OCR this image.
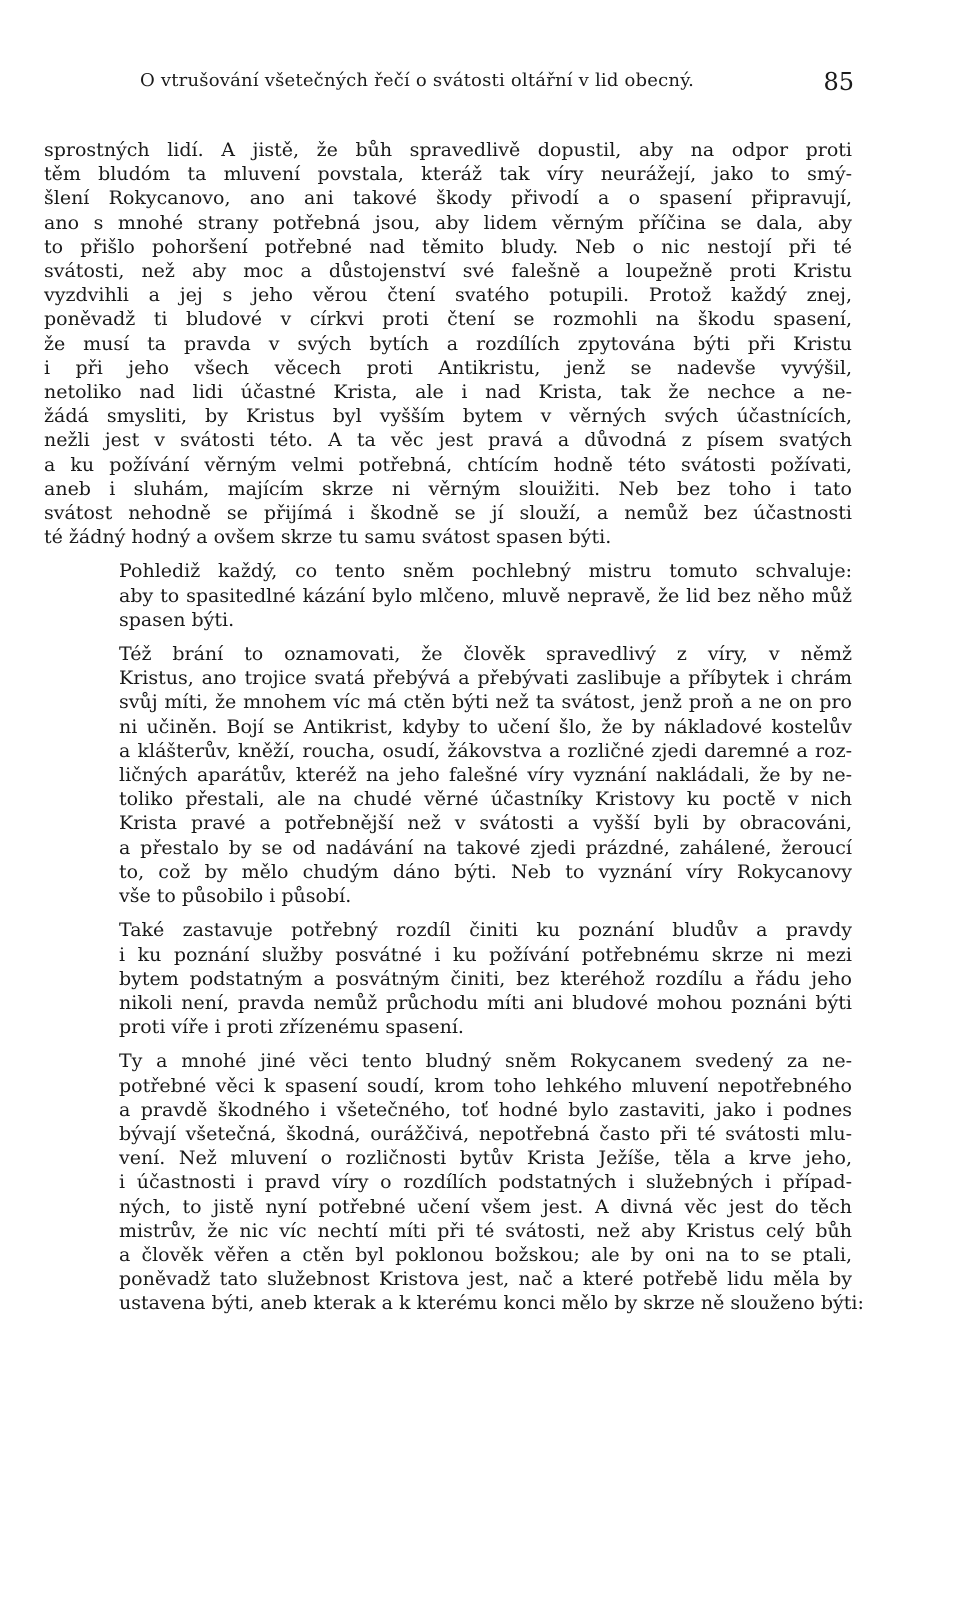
O vtrušování všetečných řečí o svátosti oltářní v lid obecný.	85
sprostných lidí. A jistě, že bůh spravedlivě dopustil, aby na odpor proti
těm bludóm ta mluvení povstala, kteráž tak víry neurážejí, jako to smý-
šlení Rokycanovo, ano ani takové škody přivodí a o spasení připravují,
ano s mnohé strany potřebná jsou, aby lidem věrným příčina se dala, aby
to přišlo pohoršení potřebné nad těmito bludy. Neb o nic nestojí při té
svátosti, než aby moc a důstojenství své falešně a loupežně proti Kristu
vyzdvihli a jej s jeho věrou čtení svatého potupili. Protož každý znej,
poněvadž ti bludové v církvi proti čtení se rozmohli na škodu spasení,
že musí ta pravda v svých bytích a rozdílích zpytována býti při Kristu
i při jeho všech věcech proti Antikristu, jenž se nadevše vyvýšil,
netoliko nad lidi účastné Krista, ale i nad Krista, tak že nechce a ne-
žádá smysliti, by Kristus byl vyšším bytem v věrných svých účastnících,
nežli jest v svátosti této. A ta věc jest pravá a důvodná z písem svatých
a ku požívání věrným velmi potřebná, chtícím hodně této svátosti požívati,
aneb i sluhám, majícím skrze ni věrným slouižiti. Neb bez toho i tato
svátost nehodně se přijímá i škodně se jí slouží, a nemůž bez účastnosti
té žádný hodný a ovšem skrze tu samu svátost spasen býti.
Pohlediž každý, co tento sněm pochlebný mistru tomuto schvaluje:
aby to spasitedlné kázání bylo mlčeno, mluvě nepravě, že lid bez něho můž
spasen býti.
Též brání to oznamovati, že člověk spravedlivý z víry, v němž
Kristus, ano trojice svatá přebývá a přebývati zaslibuje a příbytek i chrám
svůj míti, že mnohem víc má ctěn býti než ta svátost, jenž proň a ne on pro
ni učiněn. Bojí se Antikrist, kdyby to učení šlo, že by nákladové kostelův
a klášterův, kněží, roucha, osudí, žákovstva a rozličné zjedi daremné a roz-
ličných aparátův, kteréž na jeho falešné víry vyznání nakládali, že by ne-
toliko přestali, ale na chudé věrné účastníky Kristovy ku poctě v nich
Krista pravé a potřebnější než v svátosti a vyšší byli by obracováni,
a přestalo by se od nadávání na takové zjedi prázdné, zahálené, žeroucí
to, což by mělo chudým dáno býti. Neb to vyznání víry Rokycanovy
vše to působilo i působí.
Také zastavuje potřebný rozdíl činiti ku poznání bludův a pravdy
i ku poznání služby posvátné i ku požívání potřebnému skrze ni mezi
bytem podstatným a posvátným činiti, bez kteréhož rozdílu a řádu jeho
nikoli není, pravda nemůž průchodu míti ani bludové mohou poznáni býti
proti víře i proti zřízenému spasení.
Ty a mnohé jiné věci tento bludný sněm Rokycanem svedený za ne-
potřebné věci k spasení soudí, krom toho lehkého mluvení nepotřebného
a pravdě škodného i všetečného, toť hodné bylo zastaviti, jako i podnes
bývají všetečná, škodná, ourážčivá, nepotřebná často při té svátosti mlu-
vení. Než mluvení o rozličnosti bytův Krista Ježíše, těla a krve jeho,
i účastnosti i pravd víry o rozdílích podstatných i služebných i případ-
ných, to jistě nyní potřebné učení všem jest. A divná věc jest do těch
mistrův, že nic víc nechtí míti při té svátosti, než aby Kristus celý bůh
a člověk věřen a ctěn byl poklonou božskou; ale by oni na to se ptali,
poněvadž tato služebnost Kristova jest, nač a které potřebě lidu měla by
ustavena býti, aneb kterak a k kterému konci mělo by skrze ně slouženo býti:
